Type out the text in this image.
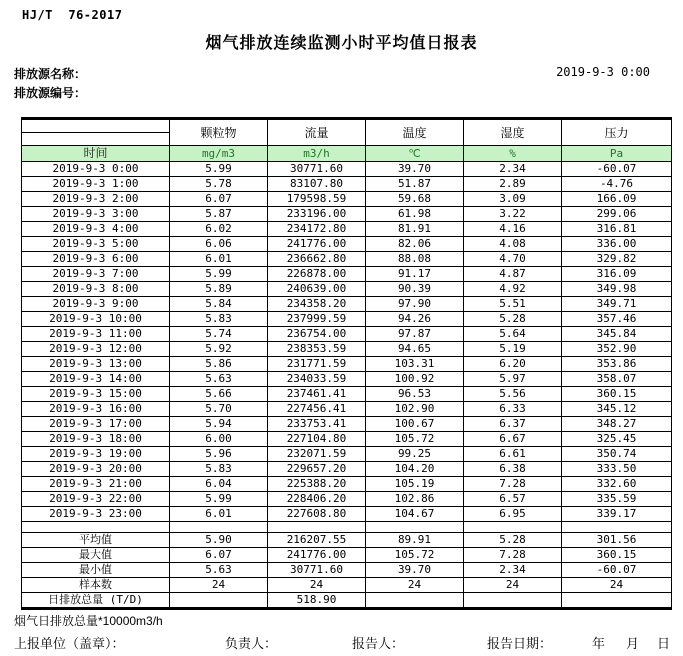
HJ/T  76-2017
烟气排放连续监测小时平均值日报表
排放源名称：
排放源编号：
2019-9-3 0:00
	颗粒物	流量	温度	湿度	压力

时间	mg/m3	m3/h	℃	%	Pa
2019-9-3 0:00	5.99	30771.60	39.70	2.34	-60.07
2019-9-3 1:00	5.78	83107.80	51.87	2.89	-4.76
2019-9-3 2:00	6.07	179598.59	59.68	3.09	166.09
2019-9-3 3:00	5.87	233196.00	61.98	3.22	299.06
2019-9-3 4:00	6.02	234172.80	81.91	4.16	316.81
2019-9-3 5:00	6.06	241776.00	82.06	4.08	336.00
2019-9-3 6:00	6.01	236662.80	88.08	4.70	329.82
2019-9-3 7:00	5.99	226878.00	91.17	4.87	316.09
2019-9-3 8:00	5.89	240639.00	90.39	4.92	349.98
2019-9-3 9:00	5.84	234358.20	97.90	5.51	349.71
2019-9-3 10:00	5.83	237999.59	94.26	5.28	357.46
2019-9-3 11:00	5.74	236754.00	97.87	5.64	345.84
2019-9-3 12:00	5.92	238353.59	94.65	5.19	352.90
2019-9-3 13:00	5.86	231771.59	103.31	6.20	353.86
2019-9-3 14:00	5.63	234033.59	100.92	5.97	358.07
2019-9-3 15:00	5.66	237461.41	96.53	5.56	360.15
2019-9-3 16:00	5.70	227456.41	102.90	6.33	345.12
2019-9-3 17:00	5.94	233753.41	100.67	6.37	348.27
2019-9-3 18:00	6.00	227104.80	105.72	6.67	325.45
2019-9-3 19:00	5.96	232071.59	99.25	6.61	350.74
2019-9-3 20:00	5.83	229657.20	104.20	6.38	333.50
2019-9-3 21:00	6.04	225388.20	105.19	7.28	332.60
2019-9-3 22:00	5.99	228406.20	102.86	6.57	335.59
2019-9-3 23:00	6.01	227608.80	104.67	6.95	339.17

平均值	5.90	216207.55	89.91	5.28	301.56
最大值	6.07	241776.00	105.72	7.28	360.15
最小值	5.63	30771.60	39.70	2.34	-60.07
样本数	24	24	24	24	24
日排放总量 (T/D)		518.90			
烟气日排放总量*10000m3/h
上报单位（盖章）：	负责人：	报告人：	报告日期：	年 月 日
